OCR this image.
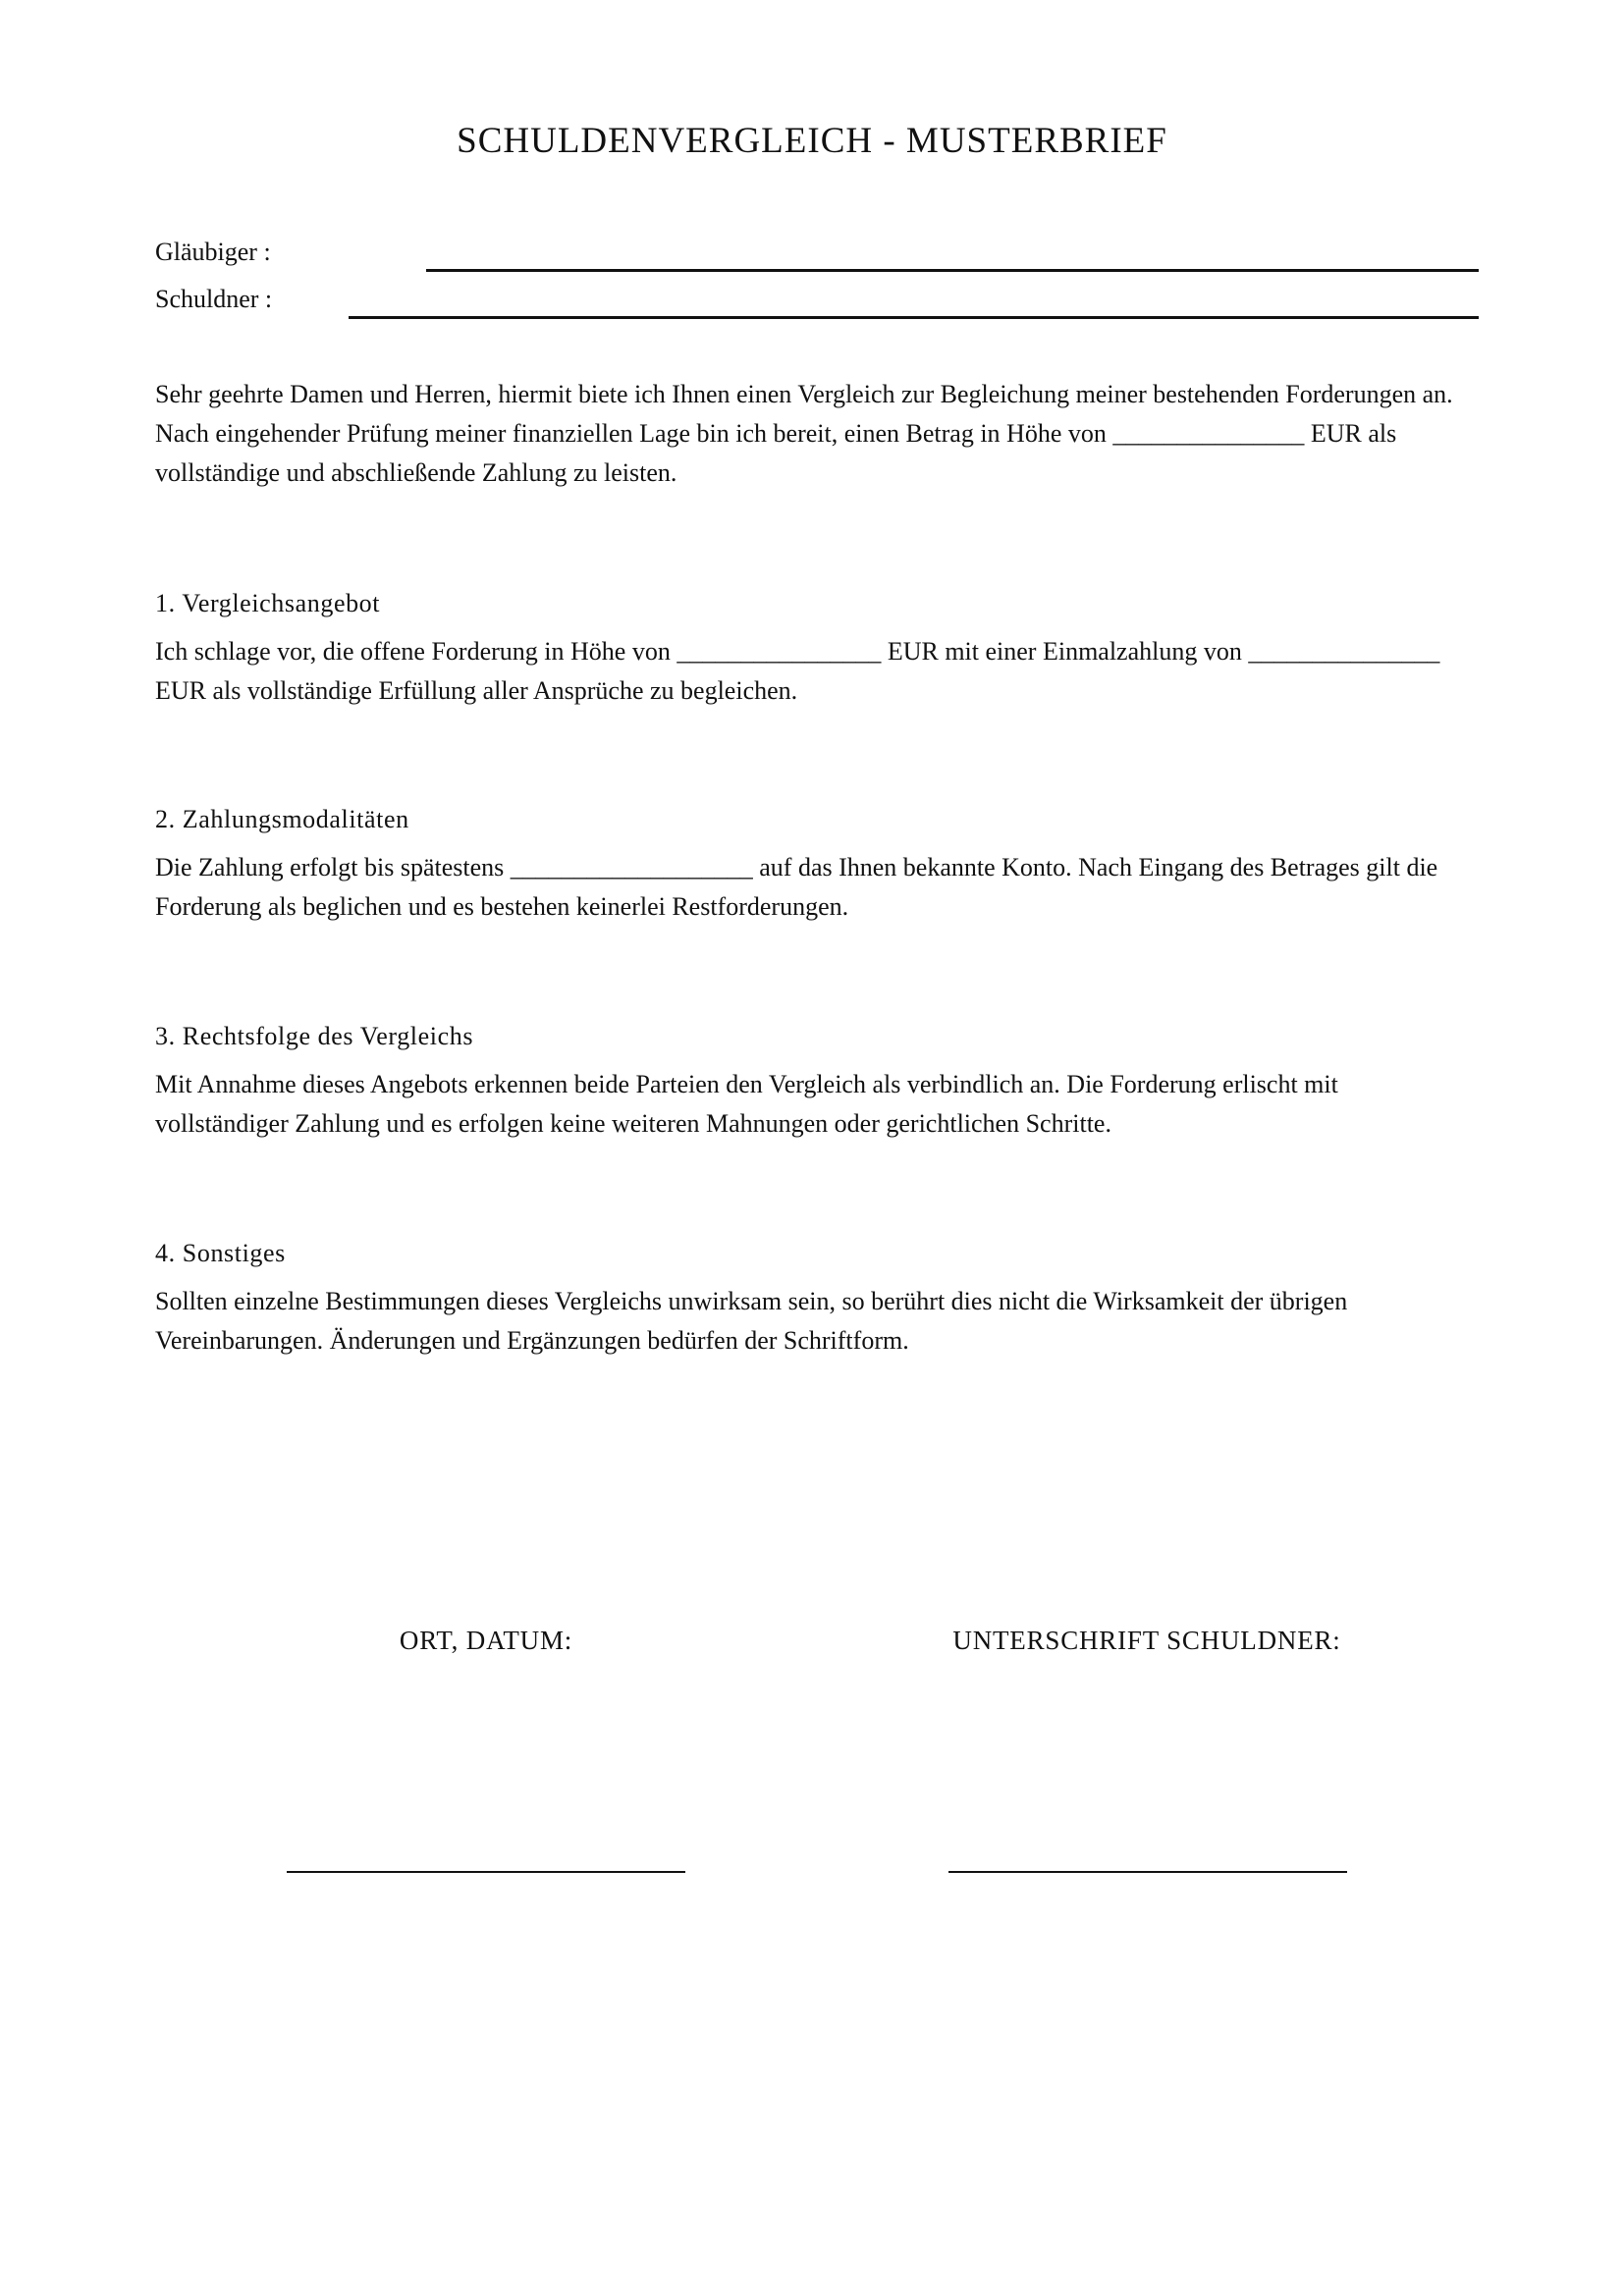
SCHULDENVERGLEICH - MUSTERBRIEF
Gläubiger :
Schuldner :

Sehr geehrte Damen und Herren, hiermit biete ich Ihnen einen Vergleich zur Begleichung meiner bestehenden Forderungen an. Nach eingehender Prüfung meiner finanziellen Lage bin ich bereit, einen Betrag in Höhe von _______________ EUR als vollständige und abschließende Zahlung zu leisten.

1. Vergleichsangebot

Ich schlage vor, die offene Forderung in Höhe von ________________ EUR mit einer Einmalzahlung von _______________ EUR als vollständige Erfüllung aller Ansprüche zu begleichen.

2. Zahlungsmodalitäten

Die Zahlung erfolgt bis spätestens ___________________ auf das Ihnen bekannte Konto. Nach Eingang des Betrages gilt die Forderung als beglichen und es bestehen keinerlei Restforderungen.

3. Rechtsfolge des Vergleichs

Mit Annahme dieses Angebots erkennen beide Parteien den Vergleich als verbindlich an. Die Forderung erlischt mit vollständiger Zahlung und es erfolgen keine weiteren Mahnungen oder gerichtlichen Schritte.

4. Sonstiges

Sollten einzelne Bestimmungen dieses Vergleichs unwirksam sein, so berührt dies nicht die Wirksamkeit der übrigen Vereinbarungen. Änderungen und Ergänzungen bedürfen der Schriftform.

ORT, DATUM:	UNTERSCHRIFT SCHULDNER:
